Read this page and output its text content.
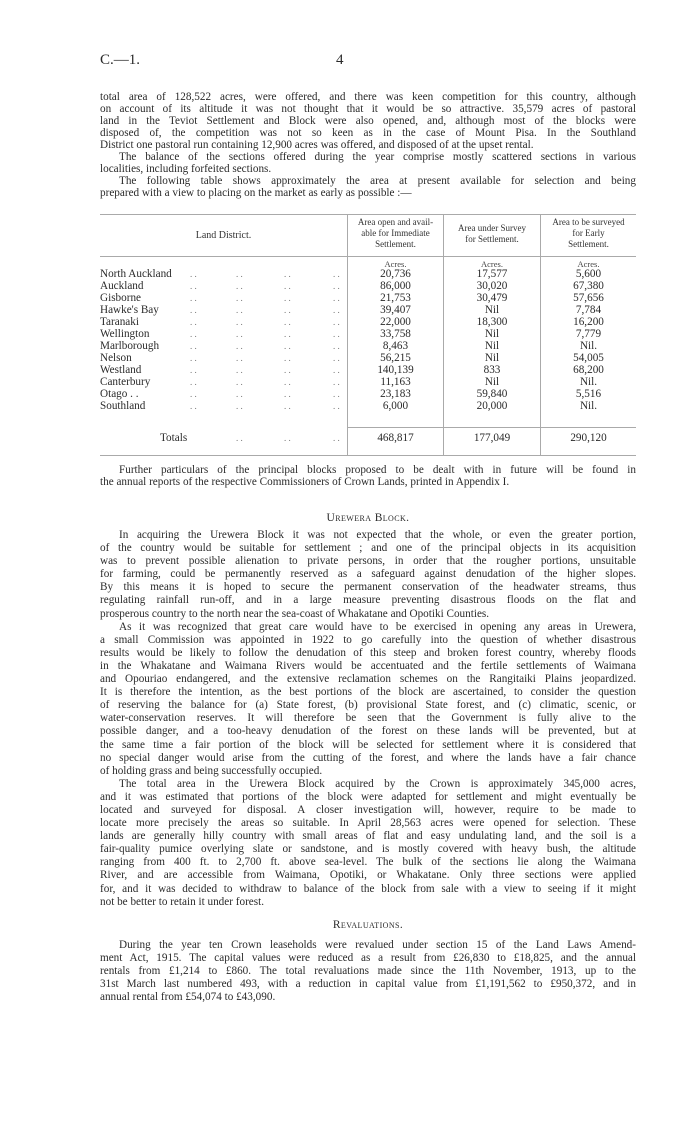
C.—1.	4
total area of 128,522 acres, were offered, and there was keen competition for this country, although
on account of its altitude it was not thought that it would be so attractive. 35,579 acres of pastoral
land in the Teviot Settlement and Block were also opened, and, although most of the blocks were
disposed of, the competition was not so keen as in the case of Mount Pisa. In the Southland
District one pastoral run containing 12,900 acres was offered, and disposed of at the upset rental.
The balance of the sections offered during the year comprise mostly scattered sections in various
localities, including forfeited sections.
The following table shows approximately the area at present available for selection and being
prepared with a view to placing on the market as early as possible :—
Land District.
Area open and avail-
able for Immediate
Settlement.
Area under Survey
for Settlement.
Area to be surveyed
for Early
Settlement.
Acres.	Acres.	Acres.
North Auckland . .	. .	. .	. .	20,736	17,577	5,600
Auckland	. .	. .	. .	. .	86,000	30,020	67,380
Gisborne	. .	. .	. .	. .	21,753	30,479	57,656
Hawke's Bay	. .	. .	. .	. .	39,407	Nil	7,784
Taranaki	. .	. .	. .	. .	22,000	18,300	16,200
Wellington	. .	. .	. .	. .	33,758	Nil	7,779
Marlborough	. .	. .	. .	. .	8,463	Nil	Nil.
Nelson	. .	. .	. .	. .	56,215	Nil	54,005
Westland	. .	. .	. .	. .	140,139	833	68,200
Canterbury	. .	. .	. .	. .	11,163	Nil	Nil.
Otago . .	. .	. .	. .	. .	23,183	59,840	5,516
Southland	. .	. .	. .	. .	6,000	20,000	Nil.
Totals	. .	. .	. .	468,817	177,049	290,120
Further particulars of the principal blocks proposed to be dealt with in future will be found in
the annual reports of the respective Commissioners of Crown Lands, printed in Appendix I.
Urewera Block.
In acquiring the Urewera Block it was not expected that the whole, or even the greater portion,
of the country would be suitable for settlement ; and one of the principal objects in its acquisition
was to prevent possible alienation to private persons, in order that the rougher portions, unsuitable
for farming, could be permanently reserved as a safeguard against denudation of the higher slopes.
By this means it is hoped to secure the permanent conservation of the headwater streams, thus
regulating rainfall run-off, and in a large measure preventing disastrous floods on the flat and
prosperous country to the north near the sea-coast of Whakatane and Opotiki Counties.
As it was recognized that great care would have to be exercised in opening any areas in Urewera,
a small Commission was appointed in 1922 to go carefully into the question of whether disastrous
results would be likely to follow the denudation of this steep and broken forest country, whereby floods
in the Whakatane and Waimana Rivers would be accentuated and the fertile settlements of Waimana
and Opouriao endangered, and the extensive reclamation schemes on the Rangitaiki Plains jeopardized.
It is therefore the intention, as the best portions of the block are ascertained, to consider the question
of reserving the balance for (a) State forest, (b) provisional State forest, and (c) climatic, scenic, or
water-conservation reserves. It will therefore be seen that the Government is fully alive to the
possible danger, and a too-heavy denudation of the forest on these lands will be prevented, but at
the same time a fair portion of the block will be selected for settlement where it is considered that
no special danger would arise from the cutting of the forest, and where the lands have a fair chance
of holding grass and being successfully occupied.
The total area in the Urewera Block acquired by the Crown is approximately 345,000 acres,
and it was estimated that portions of the block were adapted for settlement and might eventually be
located and surveyed for disposal. A closer investigation will, however, require to be made to
locate more precisely the areas so suitable. In April 28,563 acres were opened for selection. These
lands are generally hilly country with small areas of flat and easy undulating land, and the soil is a
fair-quality pumice overlying slate or sandstone, and is mostly covered with heavy bush, the altitude
ranging from 400 ft. to 2,700 ft. above sea-level. The bulk of the sections lie along the Waimana
River, and are accessible from Waimana, Opotiki, or Whakatane. Only three sections were applied
for, and it was decided to withdraw to balance of the block from sale with a view to seeing if it might
not be better to retain it under forest.
Revaluations.
During the year ten Crown leaseholds were revalued under section 15 of the Land Laws Amend-
ment Act, 1915. The capital values were reduced as a result from £26,830 to £18,825, and the annual
rentals from £1,214 to £860. The total revaluations made since the 11th November, 1913, up to the
31st March last numbered 493, with a reduction in capital value from £1,191,562 to £950,372, and in
annual rental from £54,074 to £43,090.
